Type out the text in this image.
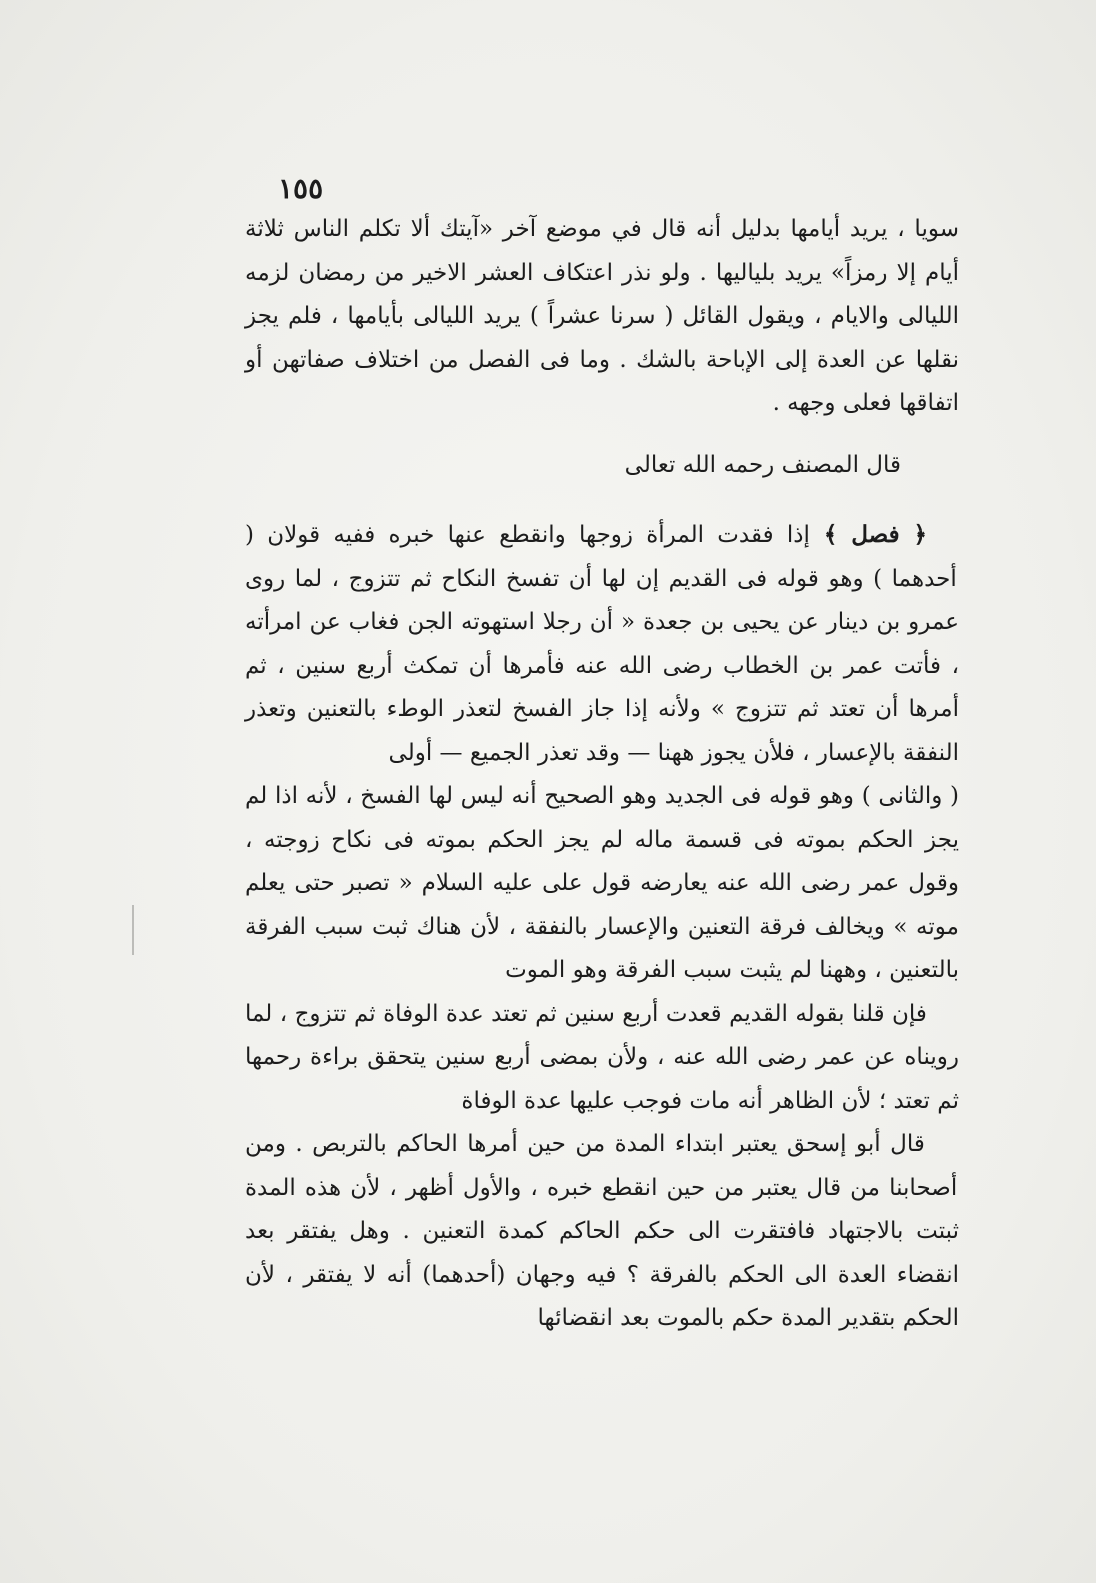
١٥٥

سويا ، يريد أيامها بدليل أنه قال في موضع آخر «آيتك ألا تكلم الناس ثلاثة أيام إلا رمزاً» يريد بلياليها . ولو نذر اعتكاف العشر الاخير من رمضان لزمه الليالى والايام ، ويقول القائل ( سرنا عشراً ) يريد الليالى بأيامها ، فلم يجز نقلها عن العدة إلى الإباحة بالشك . وما فى الفصل من اختلاف صفاتهن أو اتفاقها فعلى وجهه .

قال المصنف رحمه الله تعالى

﴿ فصل ﴾ إذا فقدت المرأة زوجها وانقطع عنها خبره ففيه قولان ( أحدهما ) وهو قوله فى القديم إن لها أن تفسخ النكاح ثم تتزوج ، لما روى عمرو بن دينار عن يحيى بن جعدة « أن رجلا استهوته الجن فغاب عن امرأته ، فأتت عمر بن الخطاب رضى الله عنه فأمرها أن تمكث أربع سنين ، ثم أمرها أن تعتد ثم تتزوج » ولأنه إذا جاز الفسخ لتعذر الوطء بالتعنين وتعذر النفقة بالإعسار ، فلأن يجوز ههنا — وقد تعذر الجميع — أولى

( والثانى ) وهو قوله فى الجديد وهو الصحيح أنه ليس لها الفسخ ، لأنه اذا لم يجز الحكم بموته فى قسمة ماله لم يجز الحكم بموته فى نكاح زوجته ، وقول عمر رضى الله عنه يعارضه قول على عليه السلام « تصبر حتى يعلم موته » ويخالف فرقة التعنين والإعسار بالنفقة ، لأن هناك ثبت سبب الفرقة بالتعنين ، وههنا لم يثبت سبب الفرقة وهو الموت

فإن قلنا بقوله القديم قعدت أربع سنين ثم تعتد عدة الوفاة ثم تتزوج ، لما رويناه عن عمر رضى الله عنه ، ولأن بمضى أربع سنين يتحقق براءة رحمها ثم تعتد ؛ لأن الظاهر أنه مات فوجب عليها عدة الوفاة

قال أبو إسحق يعتبر ابتداء المدة من حين أمرها الحاكم بالتربص . ومن أصحابنا من قال يعتبر من حين انقطع خبره ، والأول أظهر ، لأن هذه المدة ثبتت بالاجتهاد فافتقرت الى حكم الحاكم كمدة التعنين . وهل يفتقر بعد انقضاء العدة الى الحكم بالفرقة ؟ فيه وجهان (أحدهما) أنه لا يفتقر ، لأن الحكم بتقدير المدة حكم بالموت بعد انقضائها
